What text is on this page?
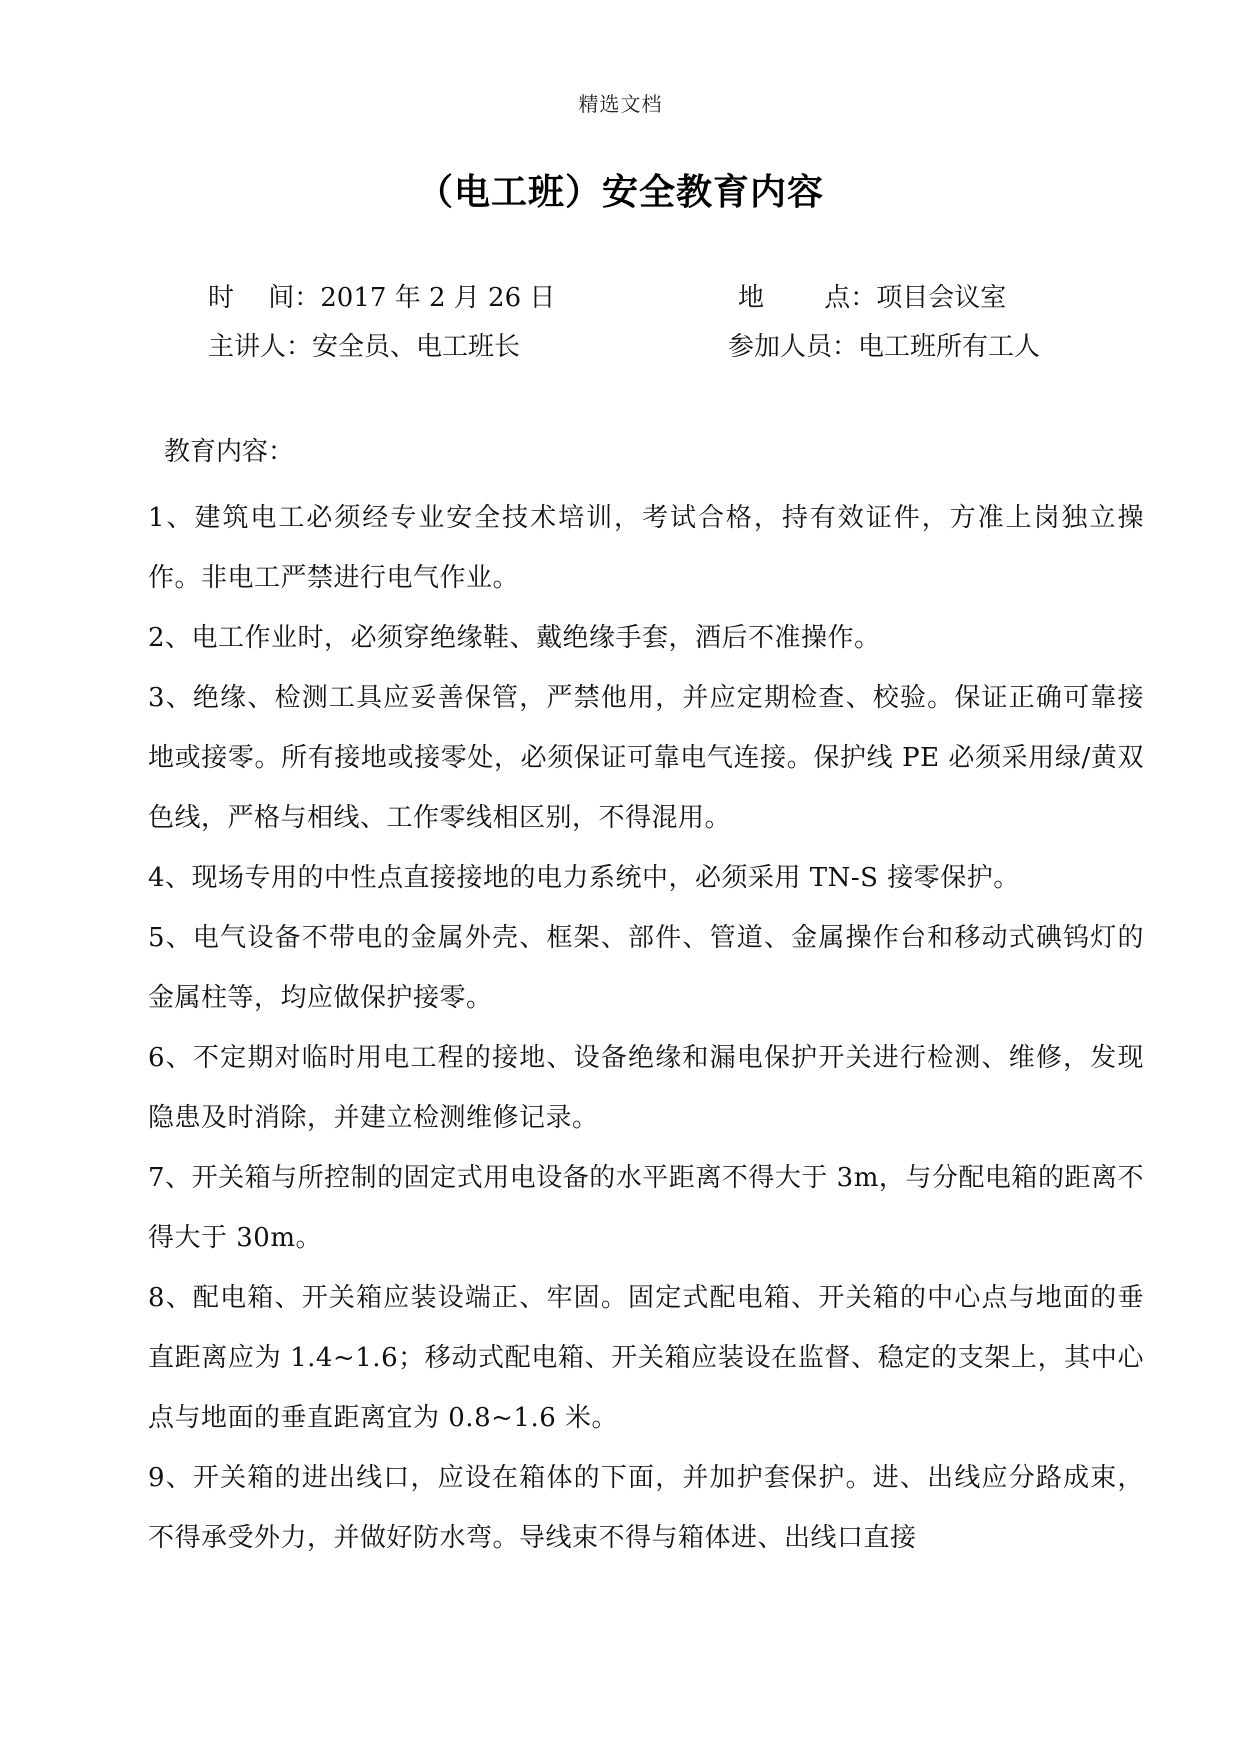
精选文档
（电工班）安全教育内容
时　 间：2017 年 2 月 26 日	地　　 点：项目会议室
主讲人：安全员、电工班长	参加人员：电工班所有工人
教育内容：

1、建筑电工必须经专业安全技术培训，考试合格，持有效证件，方准上岗独立操作。非电工严禁进行电气作业。

2、电工作业时，必须穿绝缘鞋、戴绝缘手套，酒后不准操作。

3、绝缘、检测工具应妥善保管，严禁他用，并应定期检查、校验。保证正确可靠接地或接零。所有接地或接零处，必须保证可靠电气连接。保护线 PE 必须采用绿/黄双色线，严格与相线、工作零线相区别，不得混用。

4、现场专用的中性点直接接地的电力系统中，必须采用 TN-S 接零保护。

5、电气设备不带电的金属外壳、框架、部件、管道、金属操作台和移动式碘钨灯的金属柱等，均应做保护接零。

6、不定期对临时用电工程的接地、设备绝缘和漏电保护开关进行检测、维修，发现隐患及时消除，并建立检测维修记录。

7、开关箱与所控制的固定式用电设备的水平距离不得大于 3m，与分配电箱的距离不得大于 30m。

8、配电箱、开关箱应装设端正、牢固。固定式配电箱、开关箱的中心点与地面的垂直距离应为 1.4~1.6；移动式配电箱、开关箱应装设在监督、稳定的支架上，其中心点与地面的垂直距离宜为 0.8~1.6 米。

9、开关箱的进出线口，应设在箱体的下面，并加护套保护。进、出线应分路成束，不得承受外力，并做好防水弯。导线束不得与箱体进、出线口直接
